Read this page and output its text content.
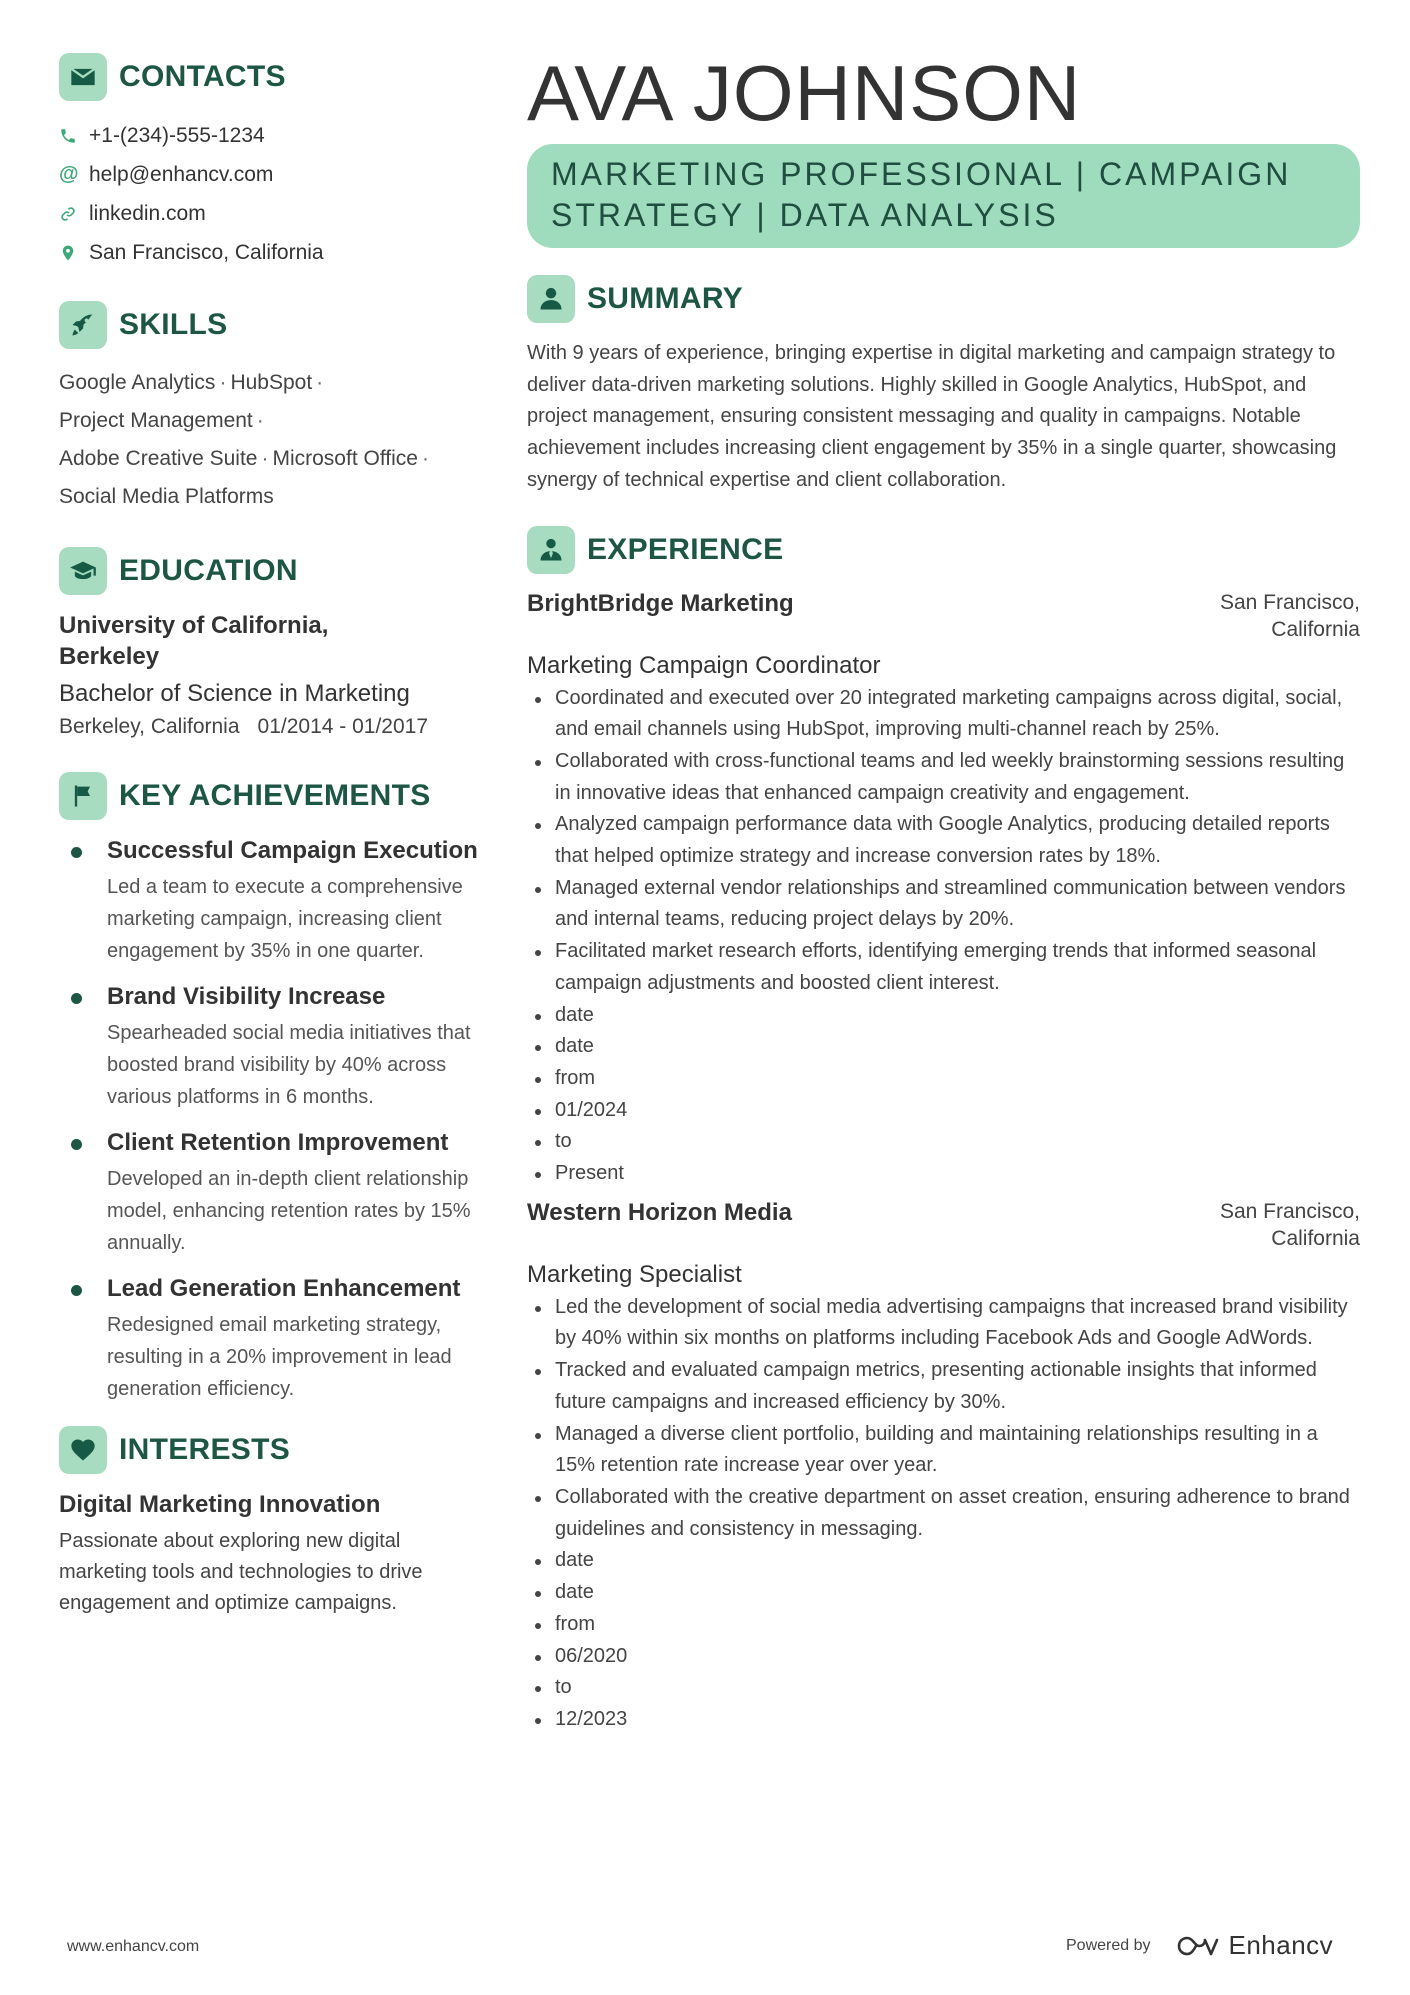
CONTACTS
+1-(234)-555-1234
@ help@enhancv.com
linkedin.com
San Francisco, California
SKILLS
Google Analytics · HubSpot ·
Project Management ·
Adobe Creative Suite · Microsoft Office ·
Social Media Platforms
EDUCATION
University of California,
Berkeley
Bachelor of Science in Marketing
Berkeley, California 01/2014 - 01/2017
KEY ACHIEVEMENTS
Successful Campaign Execution
Led a team to execute a comprehensive marketing campaign, increasing client engagement by 35% in one quarter.
Brand Visibility Increase
Spearheaded social media initiatives that boosted brand visibility by 40% across various platforms in 6 months.
Client Retention Improvement
Developed an in-depth client relationship model, enhancing retention rates by 15% annually.
Lead Generation Enhancement
Redesigned email marketing strategy, resulting in a 20% improvement in lead generation efficiency.
INTERESTS
Digital Marketing Innovation
Passionate about exploring new digital marketing tools and technologies to drive engagement and optimize campaigns.
AVA JOHNSON
MARKETING PROFESSIONAL | CAMPAIGN
STRATEGY | DATA ANALYSIS
SUMMARY
With 9 years of experience, bringing expertise in digital marketing and campaign strategy to deliver data-driven marketing solutions. Highly skilled in Google Analytics, HubSpot, and project management, ensuring consistent messaging and quality in campaigns. Notable achievement includes increasing client engagement by 35% in a single quarter, showcasing synergy of technical expertise and client collaboration.
EXPERIENCE
BrightBridge Marketing	San Francisco,
California
Marketing Campaign Coordinator
Coordinated and executed over 20 integrated marketing campaigns across digital, social, and email channels using HubSpot, improving multi-channel reach by 25%.
Collaborated with cross-functional teams and led weekly brainstorming sessions resulting in innovative ideas that enhanced campaign creativity and engagement.
Analyzed campaign performance data with Google Analytics, producing detailed reports that helped optimize strategy and increase conversion rates by 18%.
Managed external vendor relationships and streamlined communication between vendors and internal teams, reducing project delays by 20%.
Facilitated market research efforts, identifying emerging trends that informed seasonal campaign adjustments and boosted client interest.
date
date
from
01/2024
to
Present
Western Horizon Media	San Francisco,
California
Marketing Specialist
Led the development of social media advertising campaigns that increased brand visibility by 40% within six months on platforms including Facebook Ads and Google AdWords.
Tracked and evaluated campaign metrics, presenting actionable insights that informed future campaigns and increased efficiency by 30%.
Managed a diverse client portfolio, building and maintaining relationships resulting in a 15% retention rate increase year over year.
Collaborated with the creative department on asset creation, ensuring adherence to brand guidelines and consistency in messaging.
date
date
from
06/2020
to
12/2023
www.enhancv.com	Powered by	Enhancv
